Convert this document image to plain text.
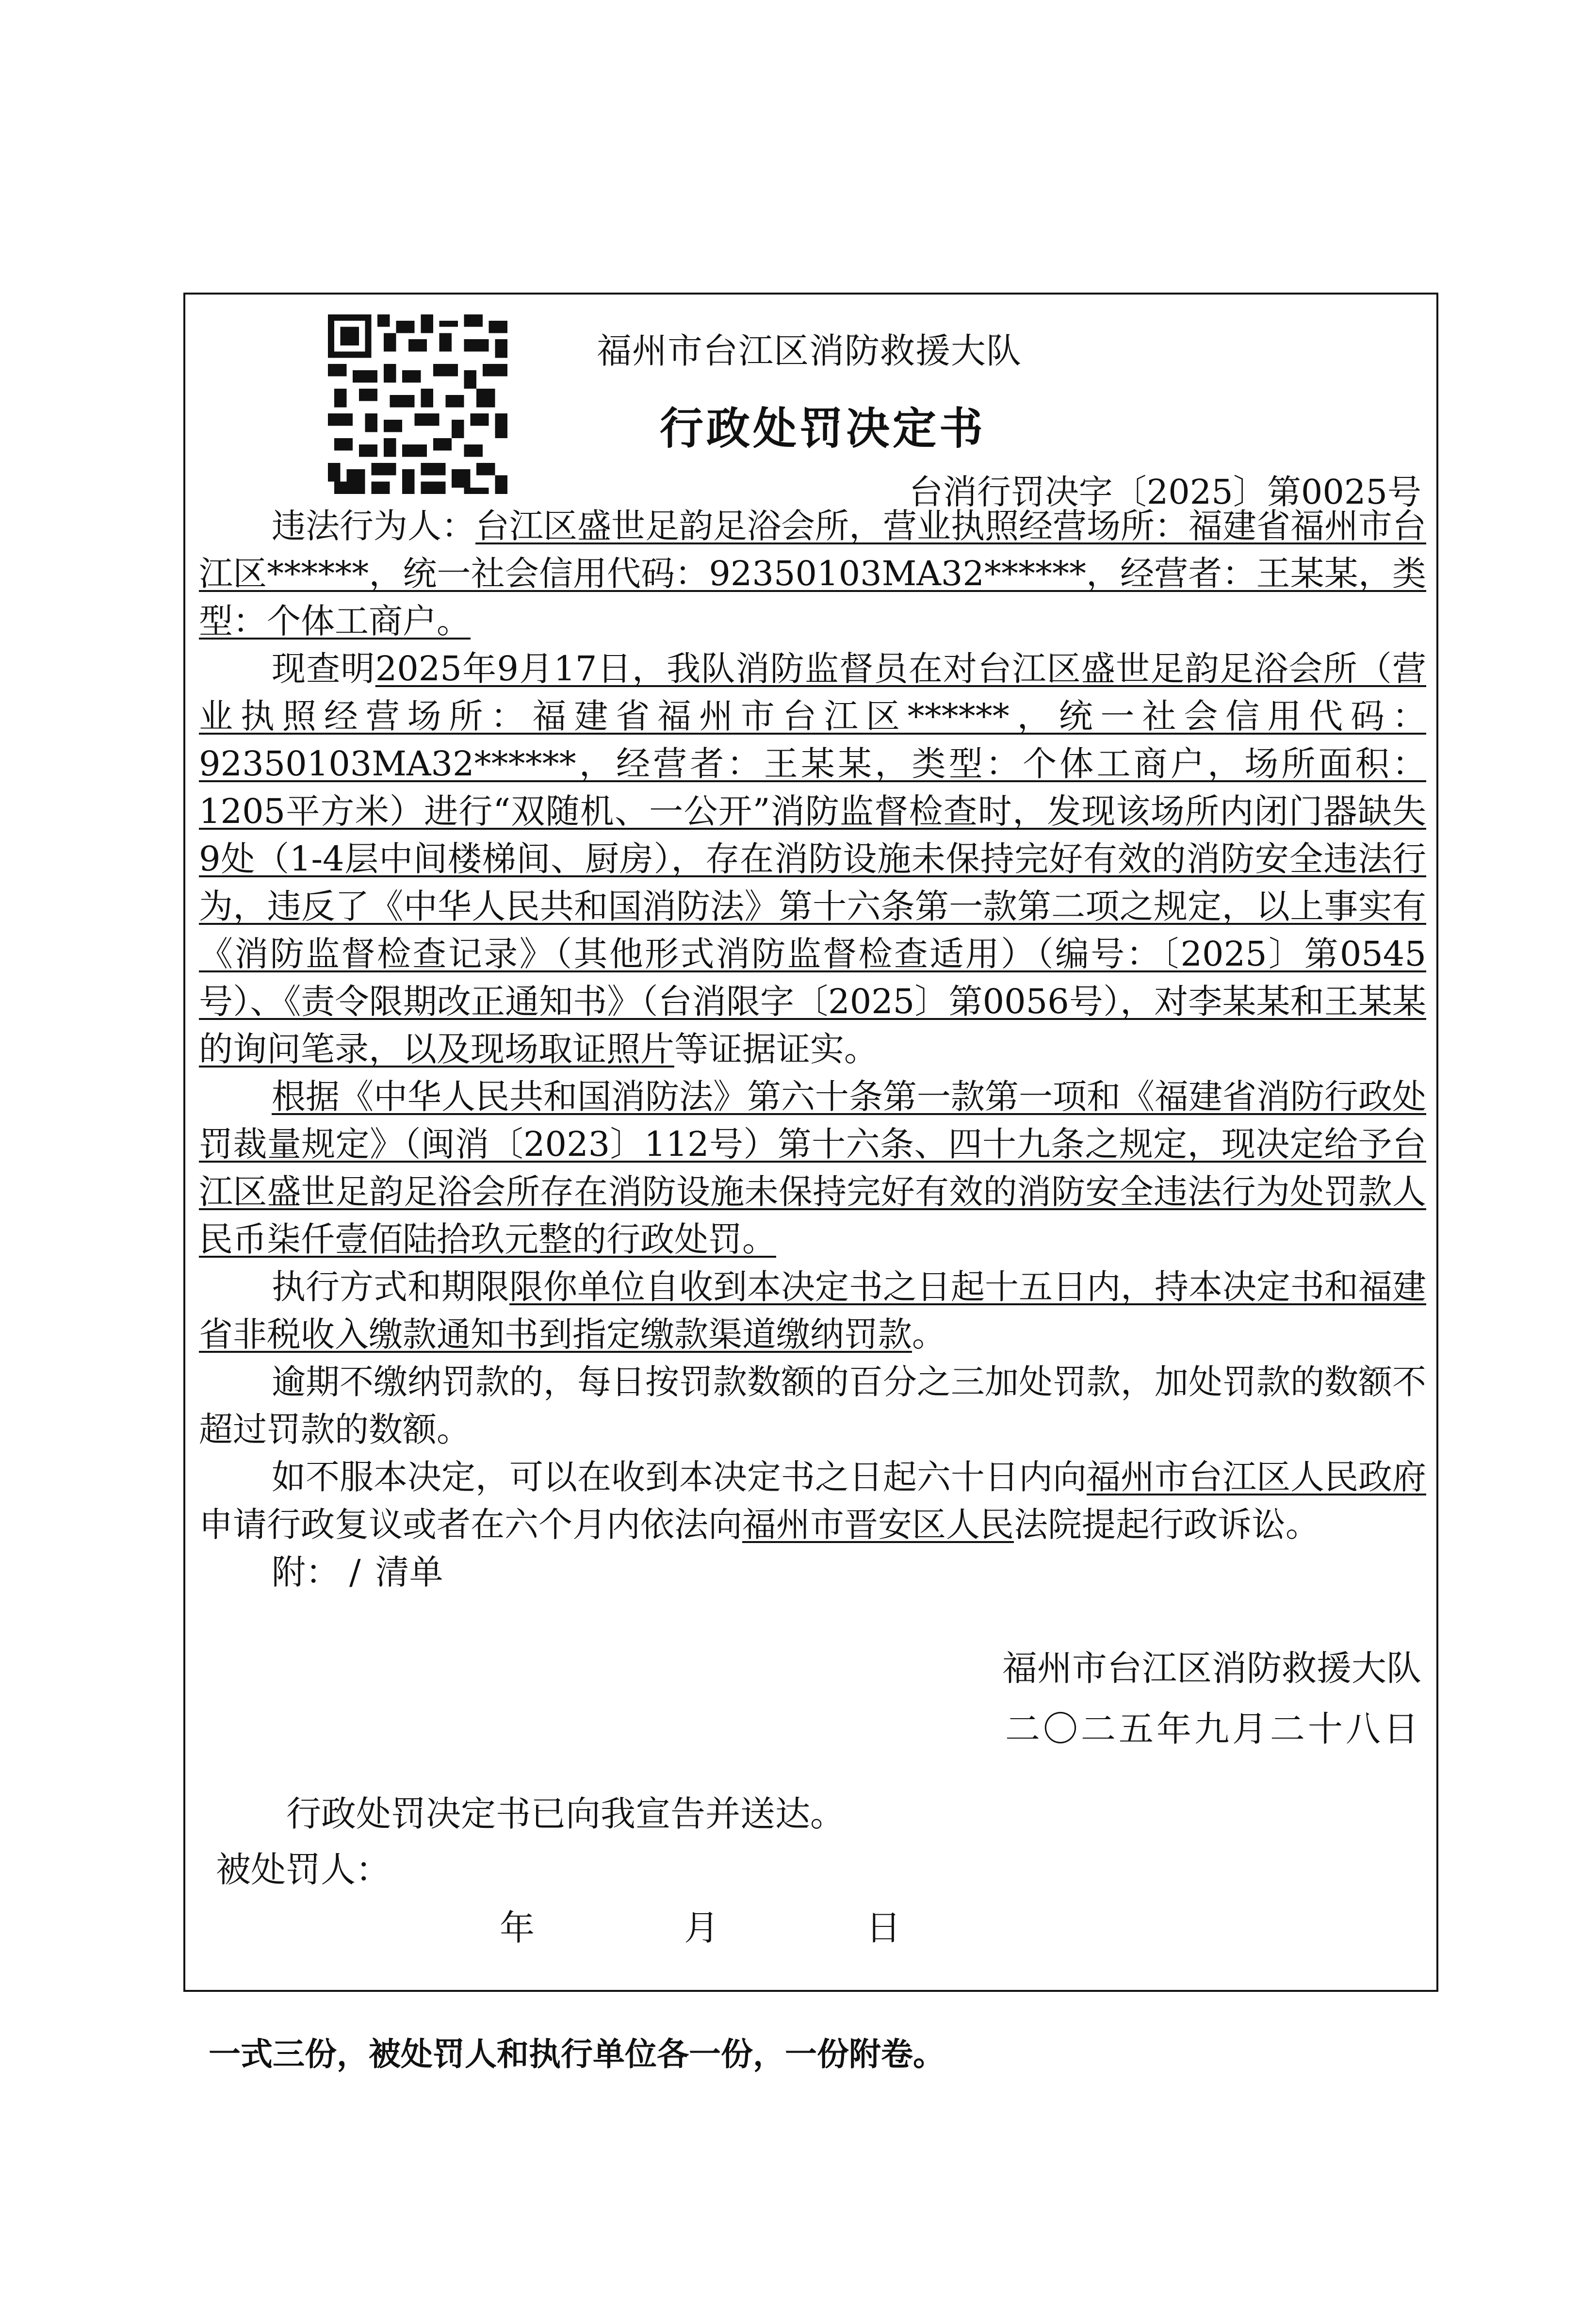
福州市台江区消防救援大队
行政处罚决定书
台消行罚决字〔2025〕第0025号

违法行为人：台江区盛世足韵足浴会所，营业执照经营场所：福建省福州市台江区******，统一社会信用代码：92350103MA32******，经营者：王某某，类型：个体工商户。

现查明2025年9月17日，我队消防监督员在对台江区盛世足韵足浴会所（营业执照经营场所：福建省福州市台江区******，统一社会信用代码：92350103MA32******，经营者：王某某，类型：个体工商户，场所面积：1205平方米）进行“双随机、一公开”消防监督检查时，发现该场所内闭门器缺失9处（1-4层中间楼梯间、厨房），存在消防设施未保持完好有效的消防安全违法行为，违反了《中华人民共和国消防法》第十六条第一款第二项之规定，以上事实有《消防监督检查记录》（其他形式消防监督检查适用）（编号：〔2025〕第0545号）、《责令限期改正通知书》（台消限字〔2025〕第0056号），对李某某和王某某的询问笔录，以及现场取证照片等证据证实。

根据《中华人民共和国消防法》第六十条第一款第一项和《福建省消防行政处罚裁量规定》（闽消〔2023〕112号）第十六条、四十九条之规定，现决定给予台江区盛世足韵足浴会所存在消防设施未保持完好有效的消防安全违法行为处罚款人民币柒仟壹佰陆拾玖元整的行政处罚。

执行方式和期限限你单位自收到本决定书之日起十五日内，持本决定书和福建省非税收入缴款通知书到指定缴款渠道缴纳罚款。

逾期不缴纳罚款的，每日按罚款数额的百分之三加处罚款，加处罚款的数额不超过罚款的数额。

如不服本决定，可以在收到本决定书之日起六十日内向福州市台江区人民政府申请行政复议或者在六个月内依法向福州市晋安区人民法院提起行政诉讼。

附： / 清单

福州市台江区消防救援大队
二〇二五年九月二十八日
行政处罚决定书已向我宣告并送达。
被处罚人：
年	月	日
一式三份，被处罚人和执行单位各一份，一份附卷。
